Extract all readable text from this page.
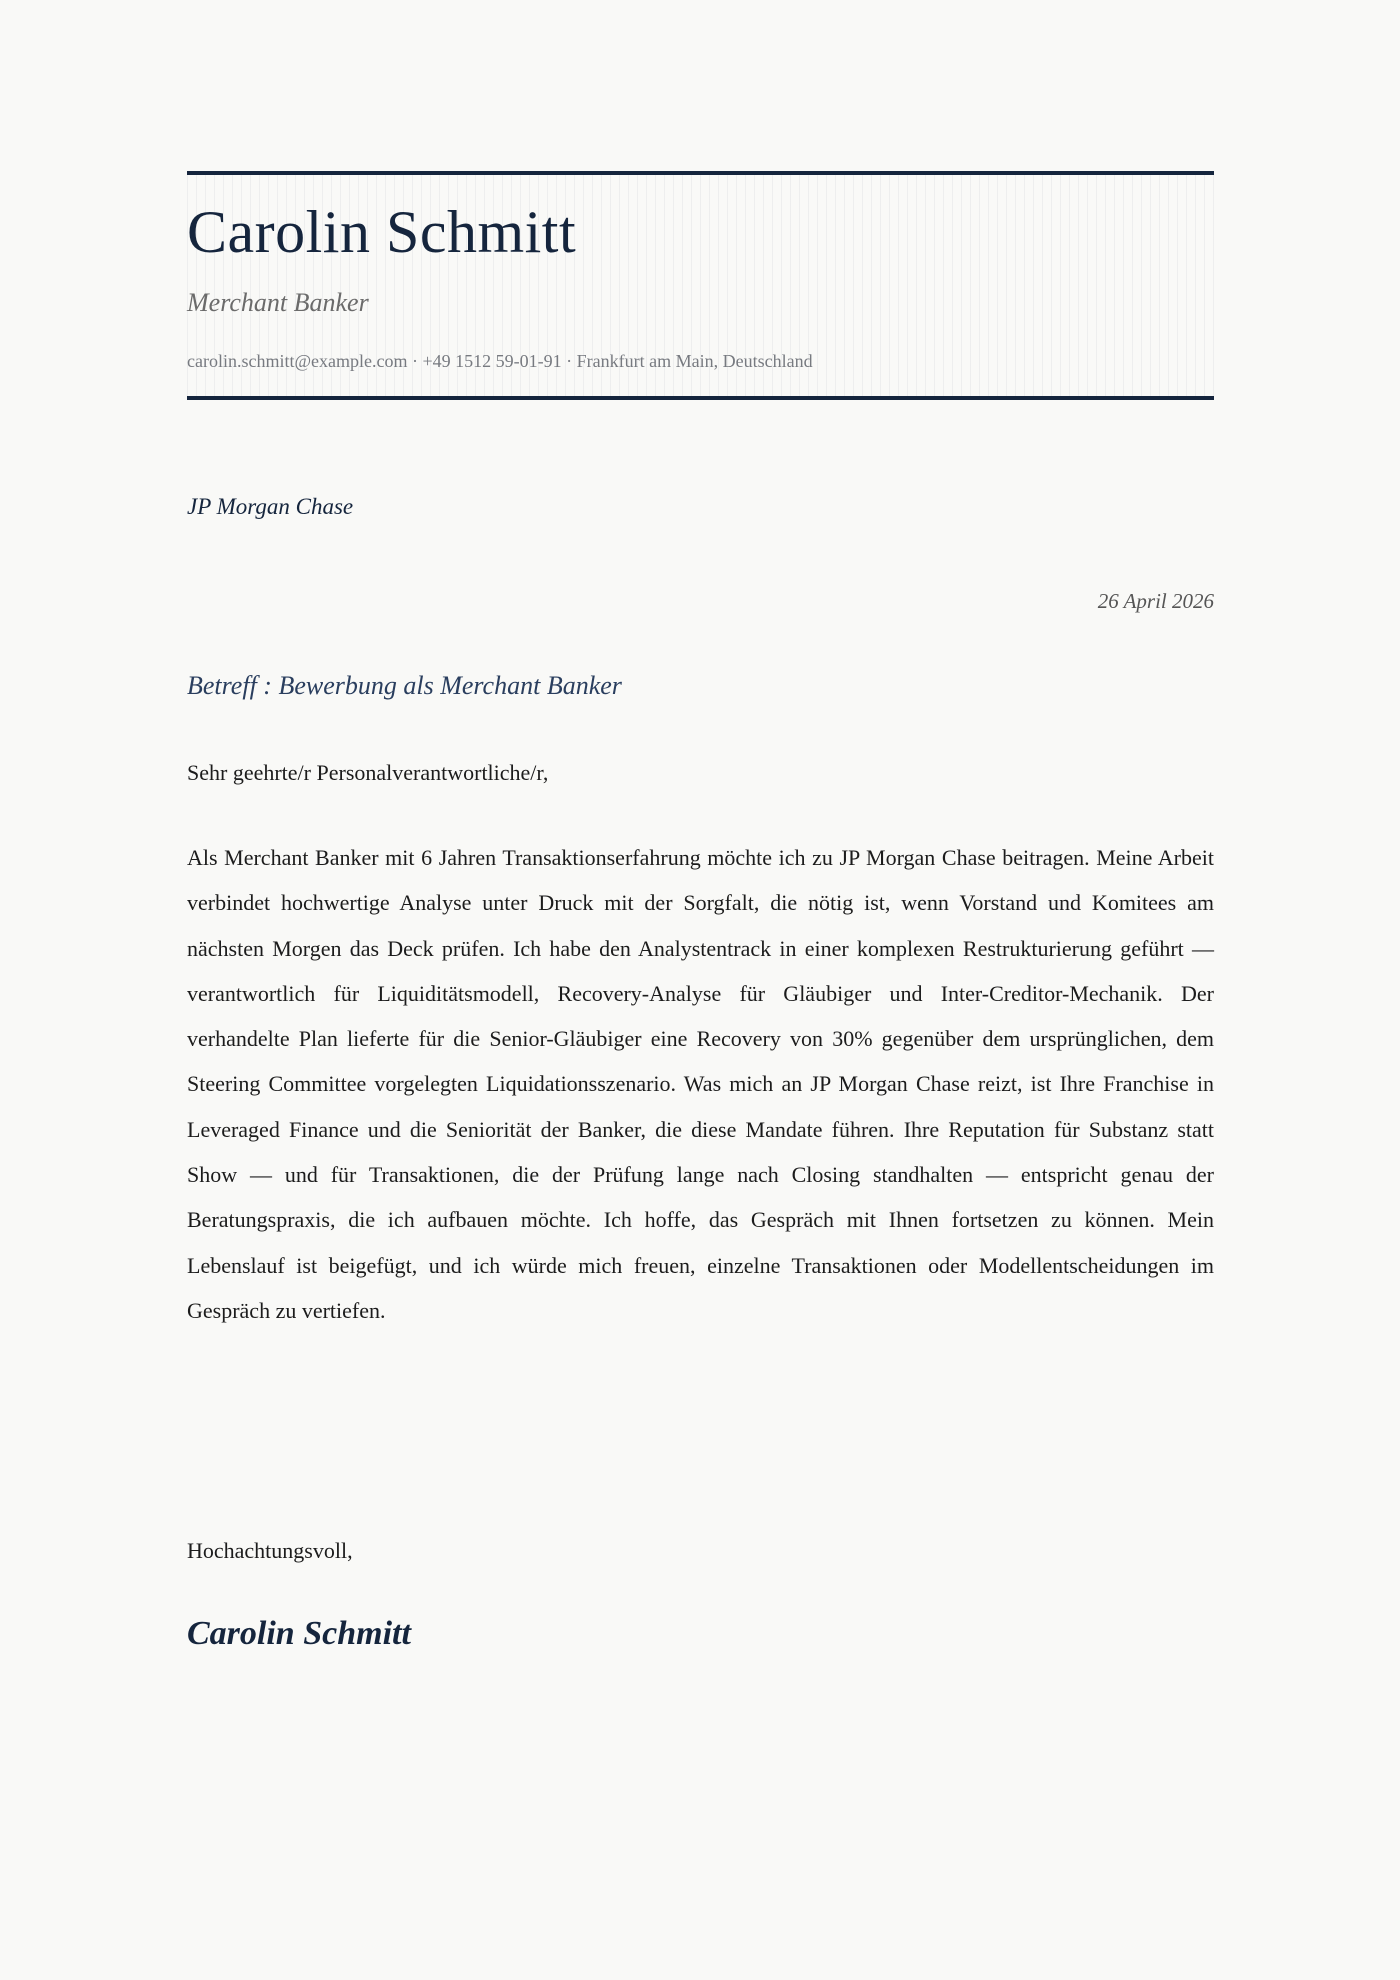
Carolin Schmitt
Merchant Banker
carolin.schmitt@example.com · +49 1512 59-01-91 · Frankfurt am Main, Deutschland
JP Morgan Chase
26 April 2026
Betreff : Bewerbung als Merchant Banker
Sehr geehrte/r Personalverantwortliche/r,

Als Merchant Banker mit 6 Jahren Transaktionserfahrung möchte ich zu JP Morgan Chase beitragen. Meine Arbeit verbindet hochwertige Analyse unter Druck mit der Sorgfalt, die nötig ist, wenn Vorstand und Komitees am nächsten Morgen das Deck prüfen. Ich habe den Analystentrack in einer komplexen Restrukturierung geführt — verantwortlich für Liquiditätsmodell, Recovery-Analyse für Gläubiger und Inter-Creditor-Mechanik. Der verhandelte Plan lieferte für die Senior-Gläubiger eine Recovery von 30% gegenüber dem ursprünglichen, dem Steering Committee vorgelegten Liquidationsszenario. Was mich an JP Morgan Chase reizt, ist Ihre Franchise in Leveraged Finance und die Seniorität der Banker, die diese Mandate führen. Ihre Reputation für Substanz statt Show — und für Transaktionen, die der Prüfung lange nach Closing standhalten — entspricht genau der Beratungspraxis, die ich aufbauen möchte. Ich hoffe, das Gespräch mit Ihnen fortsetzen zu können. Mein Lebenslauf ist beigefügt, und ich würde mich freuen, einzelne Transaktionen oder Modellentscheidungen im Gespräch zu vertiefen.

Hochachtungsvoll,
Carolin Schmitt
